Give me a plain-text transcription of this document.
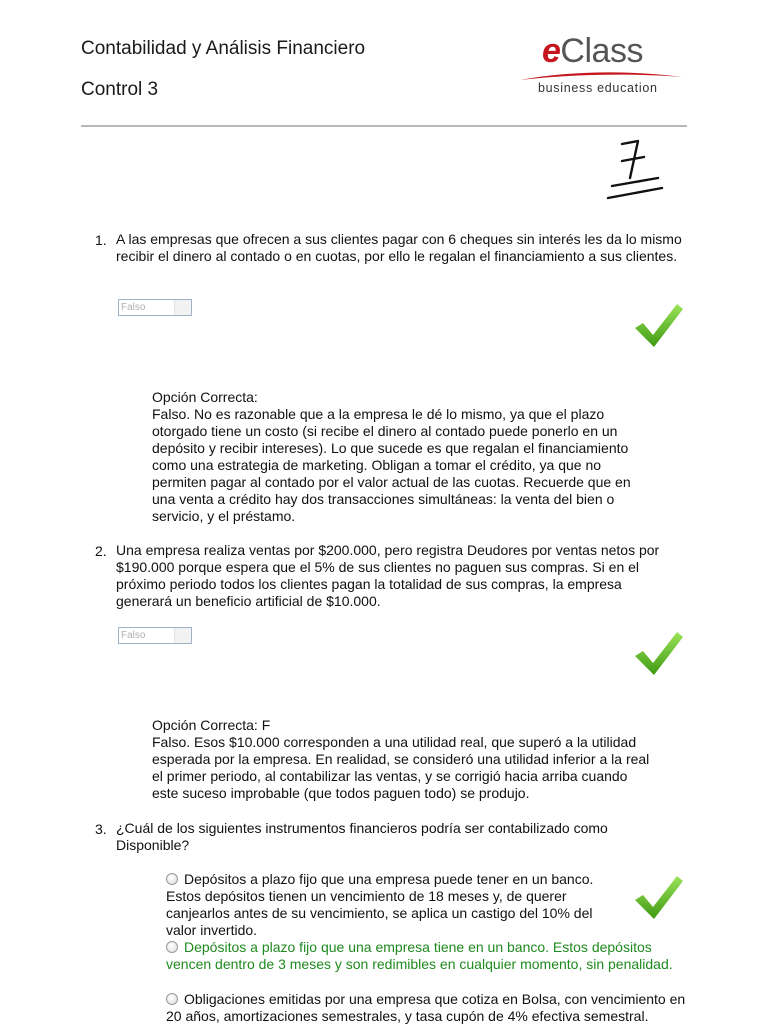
Contabilidad y Análisis Financiero
Control 3
eClass
business education
1. A las empresas que ofrecen a sus clientes pagar con 6 cheques sin interés les da lo mismo recibir el dinero al contado o en cuotas, por ello le regalan el financiamiento a sus clientes.
Falso
Opción Correcta:
Falso. No es razonable que a la empresa le dé lo mismo, ya que el plazo otorgado tiene un costo (si recibe el dinero al contado puede ponerlo en un depósito y recibir intereses). Lo que sucede es que regalan el financiamiento como una estrategia de marketing. Obligan a tomar el crédito, ya que no permiten pagar al contado por el valor actual de las cuotas. Recuerde que en una venta a crédito hay dos transacciones simultáneas: la venta del bien o servicio, y el préstamo.
2. Una empresa realiza ventas por $200.000, pero registra Deudores por ventas netos por $190.000 porque espera que el 5% de sus clientes no paguen sus compras. Si en el próximo periodo todos los clientes pagan la totalidad de sus compras, la empresa generará un beneficio artificial de $10.000.
Falso
Opción Correcta: F
Falso. Esos $10.000 corresponden a una utilidad real, que superó a la utilidad esperada por la empresa. En realidad, se consideró una utilidad inferior a la real el primer periodo, al contabilizar las ventas, y se corrigió hacia arriba cuando este suceso improbable (que todos paguen todo) se produjo.
3. ¿Cuál de los siguientes instrumentos financieros podría ser contabilizado como Disponible?
Depósitos a plazo fijo que una empresa puede tener en un banco. Estos depósitos tienen un vencimiento de 18 meses y, de querer canjearlos antes de su vencimiento, se aplica un castigo del 10% del valor invertido.
Depósitos a plazo fijo que una empresa tiene en un banco. Estos depósitos vencen dentro de 3 meses y son redimibles en cualquier momento, sin penalidad.
Obligaciones emitidas por una empresa que cotiza en Bolsa, con vencimiento en 20 años, amortizaciones semestrales, y tasa cupón de 4% efectiva semestral.
